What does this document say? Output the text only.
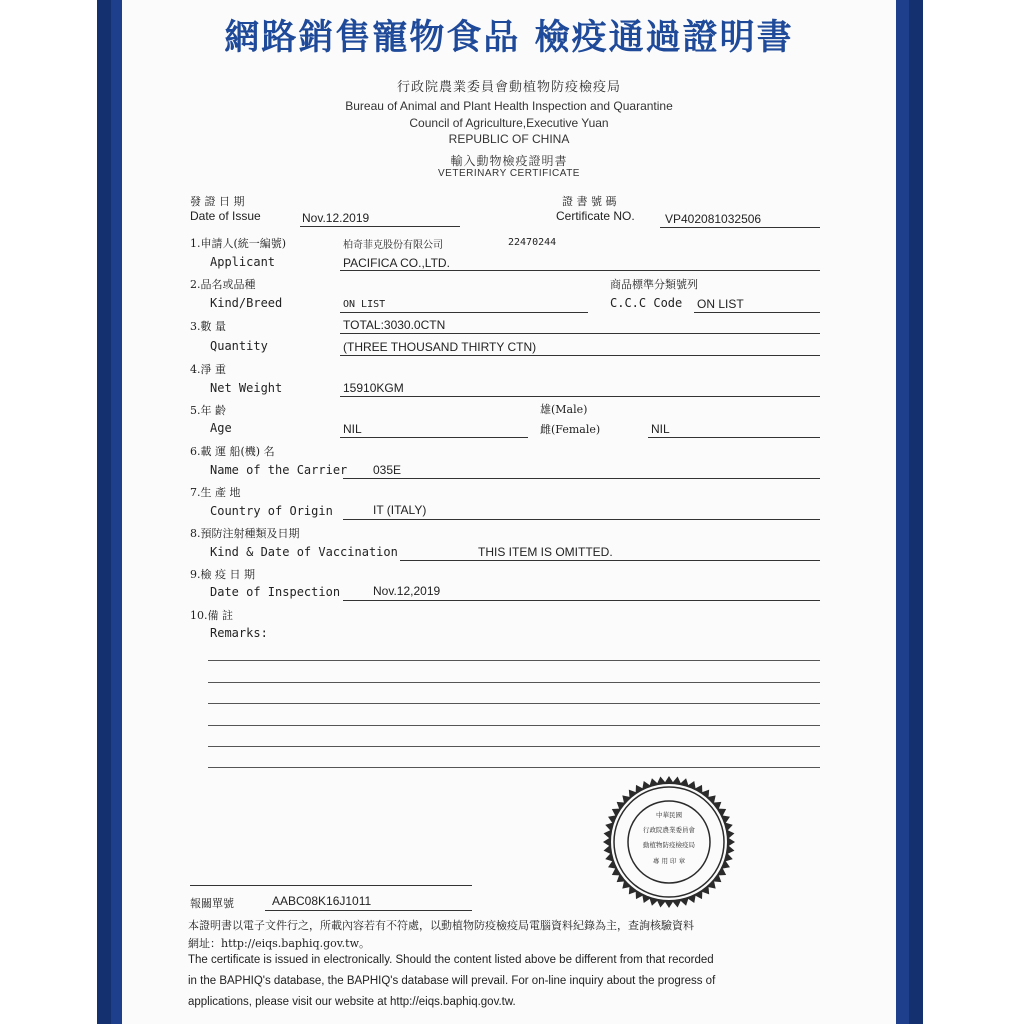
網路銷售寵物食品 檢疫通過證明書
行政院農業委員會動植物防疫檢疫局
Bureau of Animal and Plant Health Inspection and Quarantine
Council of Agriculture,Executive Yuan
REPUBLIC OF CHINA
輸入動物檢疫證明書
VETERINARY CERTIFICATE
發 證 日 期
Date of Issue	Nov.12.2019
證 書 號 碼
Certificate NO.	VP402081032506
1.申請人(統一編號)	柏奇菲克股份有限公司	22470244
Applicant	PACIFICA CO.,LTD.
2.品名或品種	商品標準分類號列
Kind/Breed	ON LIST	C.C.C Code ON LIST
3.數 量	TOTAL:3030.0CTN
Quantity	(THREE THOUSAND THIRTY CTN)
4.淨 重
Net Weight	15910KGM
5.年 齡	雄(Male)
Age	NIL	雌(Female)	NIL
6.載 運 船(機) 名
Name of the Carrier 035E
7.生 產 地
Country of Origin	IT (ITALY)
8.預防注射種類及日期
Kind & Date of Vaccination	THIS ITEM IS OMITTED.
9.檢 疫 日 期
Date of Inspection	Nov.12,2019
10.備 註
Remarks:
中華民國
行政院農業委員會
動植物防疫檢疫局
專 用 印 章
報關單號	AABC08K16J1011
本證明書以電子文件行之，所載內容若有不符處，以動植物防疫檢疫局電腦資料紀錄為主，查詢核驗資料
網址：http://eiqs.baphiq.gov.tw。
The certificate is issued in electronically. Should the content listed above be different from that recorded
in the BAPHIQ's database, the BAPHIQ's database will prevail. For on-line inquiry about the progress of
applications, please visit our website at http://eiqs.baphiq.gov.tw.
